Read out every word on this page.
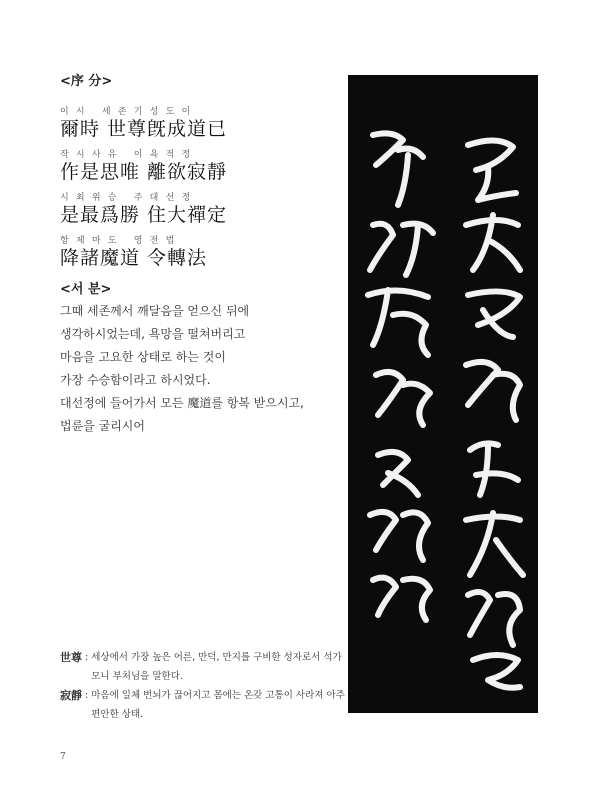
<序 分>
이  시     세  존  기  성  도  이
爾時 世尊旣成道已
작  시  사  유     이  욕  적  정
作是思唯 離欲寂靜
시  최  위  승     주  대  선  정
是最爲勝 住大禪定
항  제  마  도     영  전  법
降諸魔道 令轉法
<서 분>
그때 세존께서 깨달음을 얻으신 뒤에
생각하시었는데, 욕망을 떨쳐버리고
마음을 고요한 상태로 하는 것이
가장 수승함이라고 하시었다.
대선정에 들어가서 모든 魔道를 항복 받으시고,
법륜을 굴리시어
世尊 : 세상에서 가장 높은 어른, 만덕, 만지를 구비한 성자로서 석가모니 부처님을 말한다.
寂靜 : 마음에 일체 번뇌가 끊어지고 몸에는 온갖 고통이 사라져 아주 편안한 상태.
7
